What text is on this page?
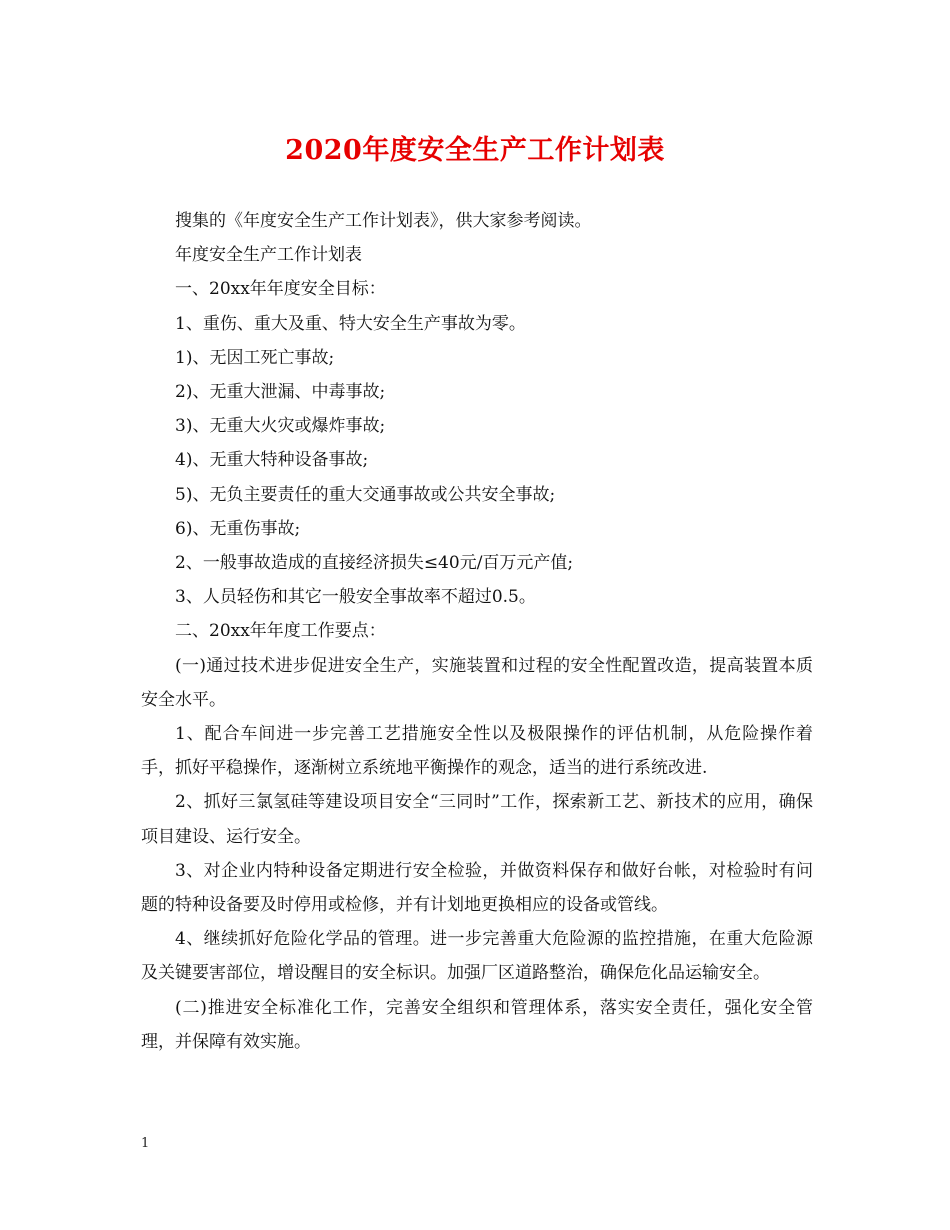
2020年度安全生产工作计划表

搜集的《年度安全生产工作计划表》，供大家参考阅读。

年度安全生产工作计划表

一、20xx年年度安全目标：

1、重伤、重大及重、特大安全生产事故为零。

1)、无因工死亡事故;

2)、无重大泄漏、中毒事故;

3)、无重大火灾或爆炸事故;

4)、无重大特种设备事故;

5)、无负主要责任的重大交通事故或公共安全事故;

6)、无重伤事故;

2、一般事故造成的直接经济损失≤40元/百万元产值;

3、人员轻伤和其它一般安全事故率不超过0.5。

二、20xx年年度工作要点：

(一)通过技术进步促进安全生产，实施装置和过程的安全性配置改造，提高装置本质安全水平。

1、配合车间进一步完善工艺措施安全性以及极限操作的评估机制，从危险操作着手，抓好平稳操作，逐渐树立系统地平衡操作的观念，适当的进行系统改进.

2、抓好三氯氢硅等建设项目安全“三同时”工作，探索新工艺、新技术的应用，确保项目建设、运行安全。

3、对企业内特种设备定期进行安全检验，并做资料保存和做好台帐，对检验时有问题的特种设备要及时停用或检修，并有计划地更换相应的设备或管线。

4、继续抓好危险化学品的管理。进一步完善重大危险源的监控措施，在重大危险源及关键要害部位，增设醒目的安全标识。加强厂区道路整治，确保危化品运输安全。

(二)推进安全标准化工作，完善安全组织和管理体系，落实安全责任，强化安全管理，并保障有效实施。

1
